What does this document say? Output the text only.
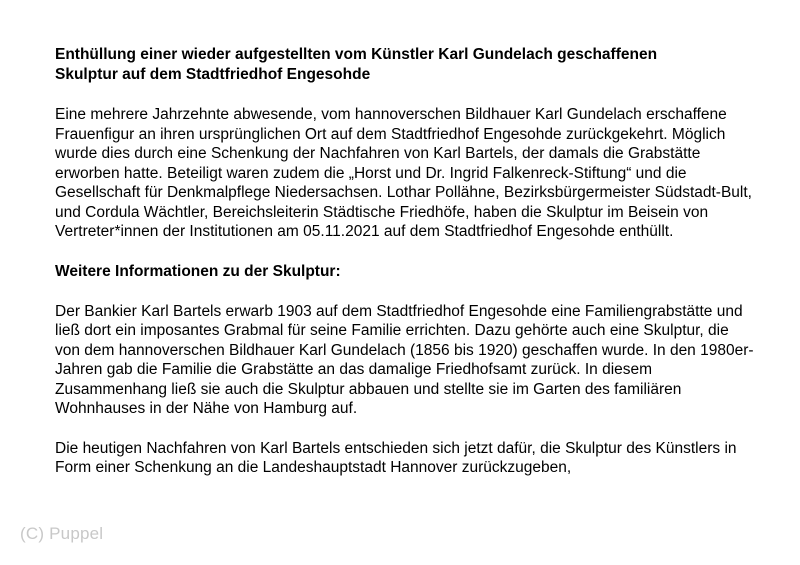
Enthüllung einer wieder aufgestellten vom Künstler Karl Gundelach geschaffenen
Skulptur auf dem Stadtfriedhof Engesohde

Eine mehrere Jahrzehnte abwesende, vom hannoverschen Bildhauer Karl Gundelach erschaffene Frauenfigur an ihren ursprünglichen Ort auf dem Stadtfriedhof Engesohde zurückgekehrt. Möglich wurde dies durch eine Schenkung der Nachfahren von Karl Bartels, der damals die Grabstätte erworben hatte. Beteiligt waren zudem die „Horst und Dr. Ingrid Falkenreck-Stiftung“ und die Gesellschaft für Denkmalpflege Niedersachsen. Lothar Pollähne, Bezirksbürgermeister Südstadt-Bult, und Cordula Wächtler, Bereichsleiterin Städtische Friedhöfe, haben die Skulptur im Beisein von Vertreter*innen der Institutionen am 05.11.2021 auf dem Stadtfriedhof Engesohde enthüllt.

Weitere Informationen zu der Skulptur:

Der Bankier Karl Bartels erwarb 1903 auf dem Stadtfriedhof Engesohde eine Familiengrabstätte und ließ dort ein imposantes Grabmal für seine Familie errichten. Dazu gehörte auch eine Skulptur, die von dem hannoverschen Bildhauer Karl Gundelach (1856 bis 1920) geschaffen wurde. In den 1980er-Jahren gab die Familie die Grabstätte an das damalige Friedhofsamt zurück. In diesem Zusammenhang ließ sie auch die Skulptur abbauen und stellte sie im Garten des familiären Wohnhauses in der Nähe von Hamburg auf.

Die heutigen Nachfahren von Karl Bartels entschieden sich jetzt dafür, die Skulptur des Künstlers in Form einer Schenkung an die Landeshauptstadt Hannover zurückzugeben,

(C) Puppel
